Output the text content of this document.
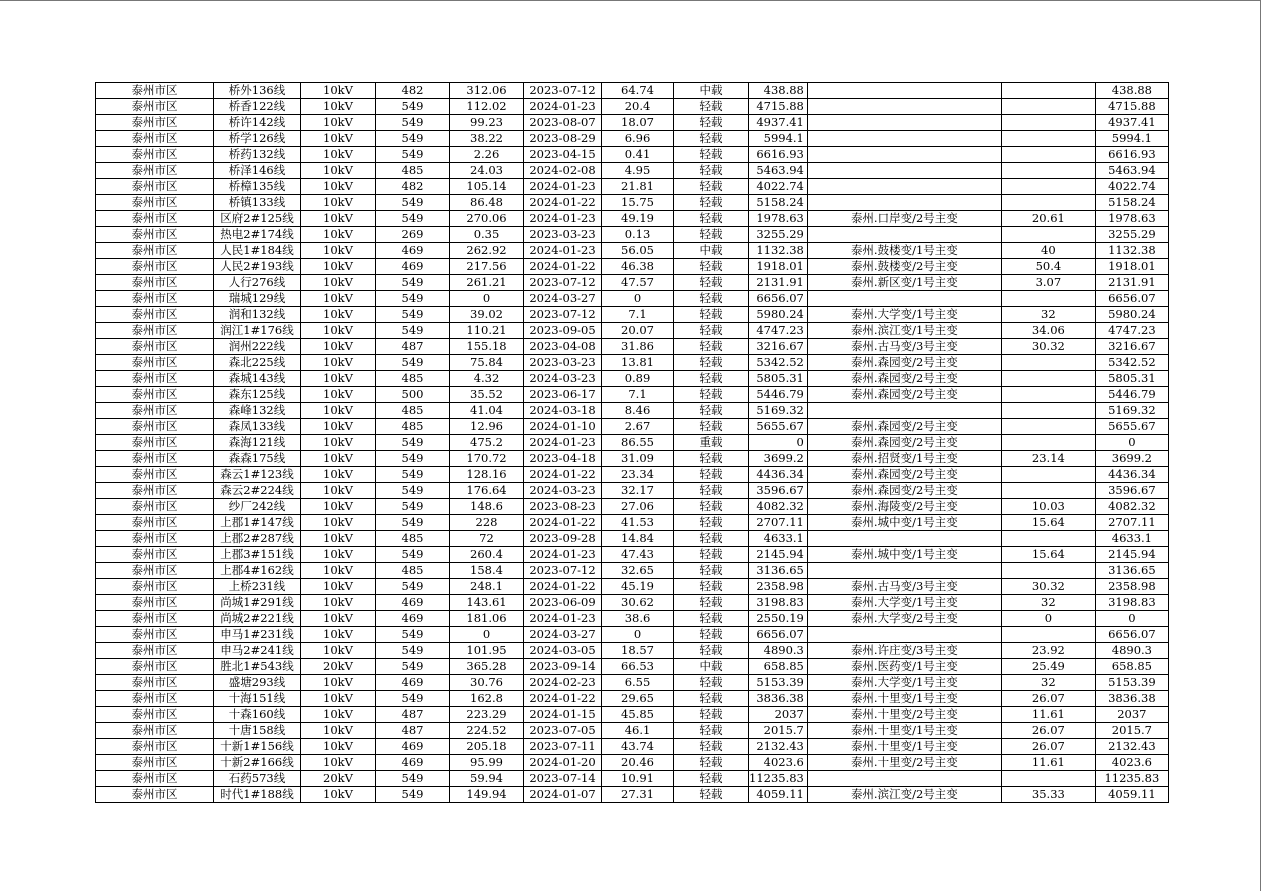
泰州市区	桥外136线	10kV	482	312.06	2023-07-12	64.74	中载	438.88			438.88
泰州市区	桥香122线	10kV	549	112.02	2024-01-23	20.4	轻载	4715.88			4715.88
泰州市区	桥许142线	10kV	549	99.23	2023-08-07	18.07	轻载	4937.41			4937.41
泰州市区	桥学126线	10kV	549	38.22	2023-08-29	6.96	轻载	5994.1			5994.1
泰州市区	桥药132线	10kV	549	2.26	2023-04-15	0.41	轻载	6616.93			6616.93
泰州市区	桥泽146线	10kV	485	24.03	2024-02-08	4.95	轻载	5463.94			5463.94
泰州市区	桥樟135线	10kV	482	105.14	2024-01-23	21.81	轻载	4022.74			4022.74
泰州市区	桥镇133线	10kV	549	86.48	2024-01-22	15.75	轻载	5158.24			5158.24
泰州市区	区府2#125线	10kV	549	270.06	2024-01-23	49.19	轻载	1978.63	泰州.口岸变/2号主变	20.61	1978.63
泰州市区	热电2#174线	10kV	269	0.35	2023-03-23	0.13	轻载	3255.29			3255.29
泰州市区	人民1#184线	10kV	469	262.92	2024-01-23	56.05	中载	1132.38	泰州.鼓楼变/1号主变	40	1132.38
泰州市区	人民2#193线	10kV	469	217.56	2024-01-22	46.38	轻载	1918.01	泰州.鼓楼变/2号主变	50.4	1918.01
泰州市区	人行276线	10kV	549	261.21	2023-07-12	47.57	轻载	2131.91	泰州.新区变/1号主变	3.07	2131.91
泰州市区	瑞城129线	10kV	549	0	2024-03-27	0	轻载	6656.07			6656.07
泰州市区	润和132线	10kV	549	39.02	2023-07-12	7.1	轻载	5980.24	泰州.大学变/1号主变	32	5980.24
泰州市区	润江1#176线	10kV	549	110.21	2023-09-05	20.07	轻载	4747.23	泰州.滨江变/1号主变	34.06	4747.23
泰州市区	润州222线	10kV	487	155.18	2023-04-08	31.86	轻载	3216.67	泰州.古马变/3号主变	30.32	3216.67
泰州市区	森北225线	10kV	549	75.84	2023-03-23	13.81	轻载	5342.52	泰州.森园变/2号主变		5342.52
泰州市区	森城143线	10kV	485	4.32	2024-03-23	0.89	轻载	5805.31	泰州.森园变/2号主变		5805.31
泰州市区	森东125线	10kV	500	35.52	2023-06-17	7.1	轻载	5446.79	泰州.森园变/2号主变		5446.79
泰州市区	森峰132线	10kV	485	41.04	2024-03-18	8.46	轻载	5169.32			5169.32
泰州市区	森凤133线	10kV	485	12.96	2024-01-10	2.67	轻载	5655.67	泰州.森园变/2号主变		5655.67
泰州市区	森海121线	10kV	549	475.2	2024-01-23	86.55	重载	0	泰州.森园变/2号主变		0
泰州市区	森森175线	10kV	549	170.72	2023-04-18	31.09	轻载	3699.2	泰州.招贤变/1号主变	23.14	3699.2
泰州市区	森云1#123线	10kV	549	128.16	2024-01-22	23.34	轻载	4436.34	泰州.森园变/2号主变		4436.34
泰州市区	森云2#224线	10kV	549	176.64	2024-03-23	32.17	轻载	3596.67	泰州.森园变/2号主变		3596.67
泰州市区	纱厂242线	10kV	549	148.6	2023-08-23	27.06	轻载	4082.32	泰州.海陵变/2号主变	10.03	4082.32
泰州市区	上郡1#147线	10kV	549	228	2024-01-22	41.53	轻载	2707.11	泰州.城中变/1号主变	15.64	2707.11
泰州市区	上郡2#287线	10kV	485	72	2023-09-28	14.84	轻载	4633.1			4633.1
泰州市区	上郡3#151线	10kV	549	260.4	2024-01-23	47.43	轻载	2145.94	泰州.城中变/1号主变	15.64	2145.94
泰州市区	上郡4#162线	10kV	485	158.4	2023-07-12	32.65	轻载	3136.65			3136.65
泰州市区	上桥231线	10kV	549	248.1	2024-01-22	45.19	轻载	2358.98	泰州.古马变/3号主变	30.32	2358.98
泰州市区	尚城1#291线	10kV	469	143.61	2023-06-09	30.62	轻载	3198.83	泰州.大学变/1号主变	32	3198.83
泰州市区	尚城2#221线	10kV	469	181.06	2024-01-23	38.6	轻载	2550.19	泰州.大学变/2号主变	0	0
泰州市区	申马1#231线	10kV	549	0	2024-03-27	0	轻载	6656.07			6656.07
泰州市区	申马2#241线	10kV	549	101.95	2024-03-05	18.57	轻载	4890.3	泰州.许庄变/3号主变	23.92	4890.3
泰州市区	胜北1#543线	20kV	549	365.28	2023-09-14	66.53	中载	658.85	泰州.医药变/1号主变	25.49	658.85
泰州市区	盛塘293线	10kV	469	30.76	2024-02-23	6.55	轻载	5153.39	泰州.大学变/1号主变	32	5153.39
泰州市区	十海151线	10kV	549	162.8	2024-01-22	29.65	轻载	3836.38	泰州.十里变/1号主变	26.07	3836.38
泰州市区	十森160线	10kV	487	223.29	2024-01-15	45.85	轻载	2037	泰州.十里变/2号主变	11.61	2037
泰州市区	十唐158线	10kV	487	224.52	2023-07-05	46.1	轻载	2015.7	泰州.十里变/1号主变	26.07	2015.7
泰州市区	十新1#156线	10kV	469	205.18	2023-07-11	43.74	轻载	2132.43	泰州.十里变/1号主变	26.07	2132.43
泰州市区	十新2#166线	10kV	469	95.99	2024-01-20	20.46	轻载	4023.6	泰州.十里变/2号主变	11.61	4023.6
泰州市区	石药573线	20kV	549	59.94	2023-07-14	10.91	轻载	11235.83			11235.83
泰州市区	时代1#188线	10kV	549	149.94	2024-01-07	27.31	轻载	4059.11	泰州.滨江变/2号主变	35.33	4059.11
